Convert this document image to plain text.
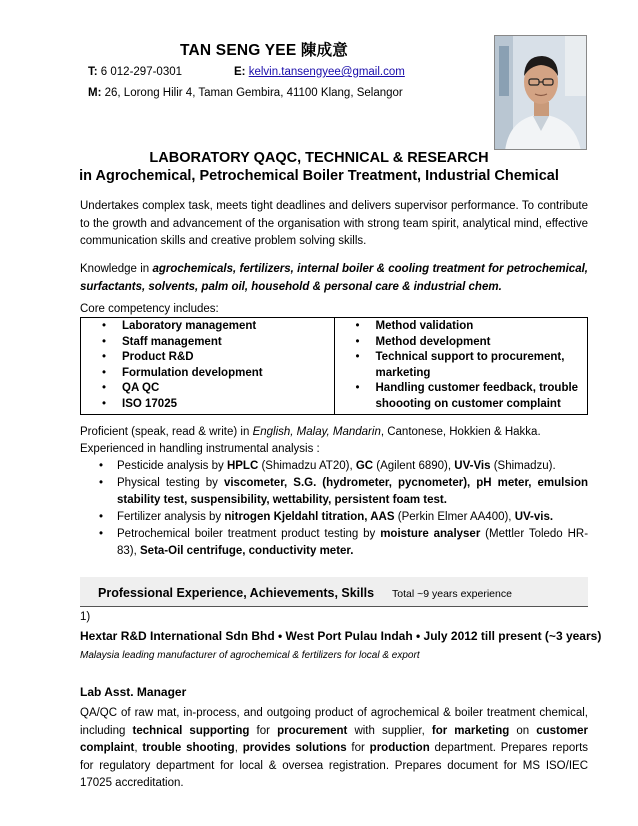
TAN SENG YEE 陳成意
T: 6 012-297-0301	E: kelvin.tansengyee@gmail.com
M: 26, Lorong Hilir 4, Taman Gembira, 41100 Klang, Selangor
LABORATORY QAQC, TECHNICAL & RESEARCH
in Agrochemical, Petrochemical Boiler Treatment, Industrial Chemical
Undertakes complex task, meets tight deadlines and delivers supervisor performance. To contribute to the growth and advancement of the organisation with strong team spirit, analytical mind, effective communication skills and creative problem solving skills.
Knowledge in agrochemicals, fertilizers, internal boiler & cooling treatment for petrochemical, surfactants, solvents, palm oil, household & personal care & industrial chem.
Core competency includes:
• Laboratory management
• Staff management
• Product R&D
• Formulation development
• QA QC
• ISO 17025

• Method validation
• Method development
• Technical support to procurement, marketing
• Handling customer feedback, trouble shoooting on customer complaint
Proficient (speak, read & write) in English, Malay, Mandarin, Cantonese, Hokkien & Hakka.
Experienced in handling instrumental analysis :
• Pesticide analysis by HPLC (Shimadzu AT20), GC (Agilent 6890), UV-Vis (Shimadzu).
• Physical testing by viscometer, S.G. (hydrometer, pycnometer), pH meter, emulsion stability test, suspensibility, wettability, persistent foam test.
• Fertilizer analysis by nitrogen Kjeldahl titration, AAS (Perkin Elmer AA400), UV-vis.
• Petrochemical boiler treatment product testing by moisture analyser (Mettler Toledo HR-83), Seta-Oil centrifuge, conductivity meter.
Professional Experience, Achievements, Skills Total ~9 years experience
1)
Hextar R&D International Sdn Bhd • West Port Pulau Indah • July 2012 till present (~3 years)
Malaysia leading manufacturer of agrochemical & fertilizers for local & export
Lab Asst. Manager
QA/QC of raw mat, in-process, and outgoing product of agrochemical & boiler treatment chemical, including technical supporting for procurement with supplier, for marketing on customer complaint, trouble shooting, provides solutions for production department. Prepares reports for regulatory department for local & oversea registration. Prepares document for MS ISO/IEC 17025 accreditation.
